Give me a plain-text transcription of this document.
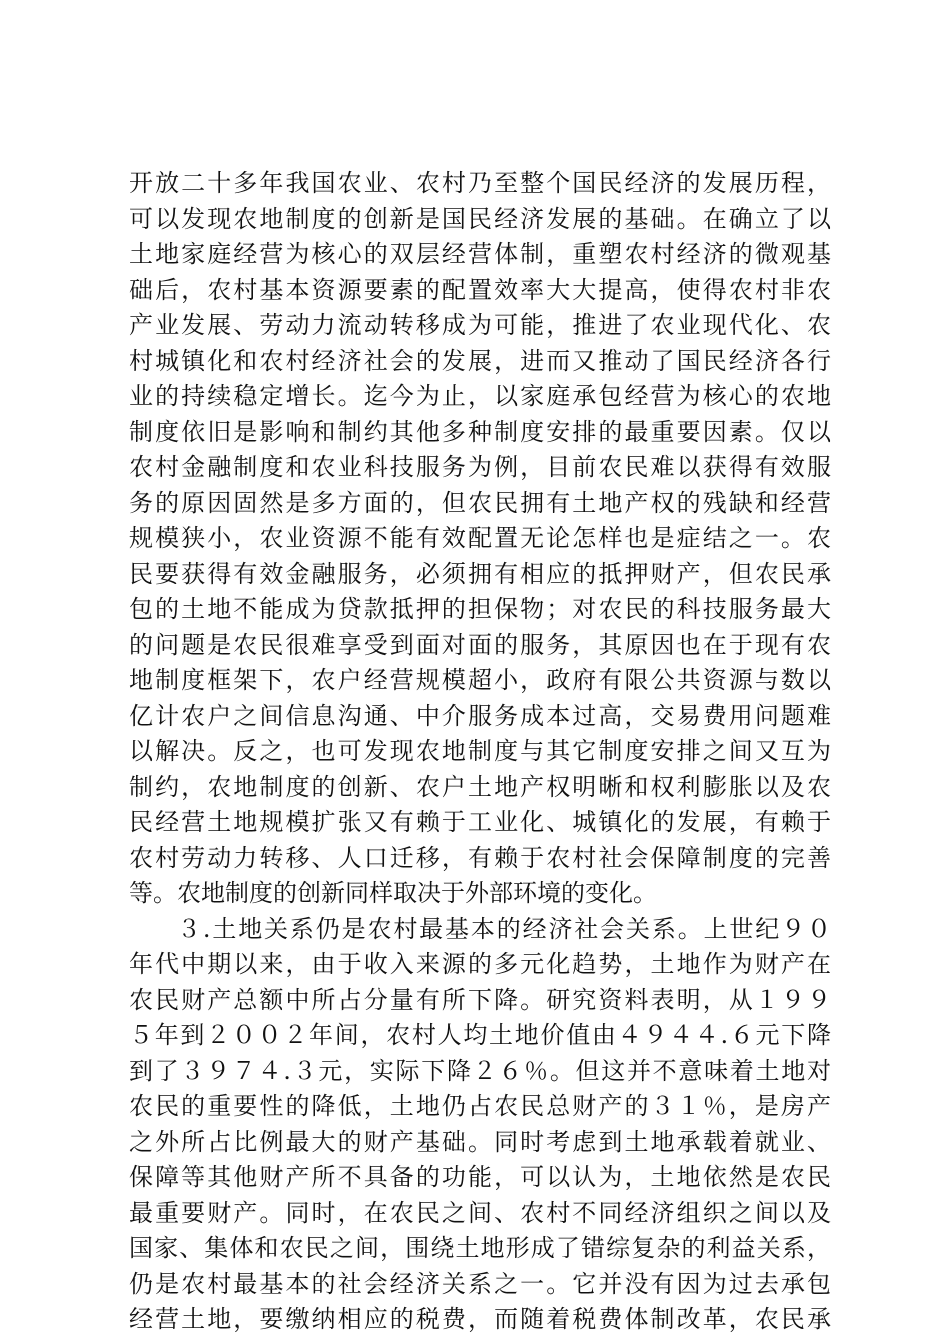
开放二十多年我国农业、农村乃至整个国民经济的发展历程，
可以发现农地制度的创新是国民经济发展的基础。在确立了以
土地家庭经营为核心的双层经营体制，重塑农村经济的微观基
础后，农村基本资源要素的配置效率大大提高，使得农村非农
产业发展、劳动力流动转移成为可能，推进了农业现代化、农
村城镇化和农村经济社会的发展，进而又推动了国民经济各行
业的持续稳定增长。迄今为止，以家庭承包经营为核心的农地
制度依旧是影响和制约其他多种制度安排的最重要因素。仅以
农村金融制度和农业科技服务为例，目前农民难以获得有效服
务的原因固然是多方面的，但农民拥有土地产权的残缺和经营
规模狭小，农业资源不能有效配置无论怎样也是症结之一。农
民要获得有效金融服务，必须拥有相应的抵押财产，但农民承
包的土地不能成为贷款抵押的担保物；对农民的科技服务最大
的问题是农民很难享受到面对面的服务，其原因也在于现有农
地制度框架下，农户经营规模超小，政府有限公共资源与数以
亿计农户之间信息沟通、中介服务成本过高，交易费用问题难
以解决。反之，也可发现农地制度与其它制度安排之间又互为
制约，农地制度的创新、农户土地产权明晰和权利膨胀以及农
民经营土地规模扩张又有赖于工业化、城镇化的发展，有赖于
农村劳动力转移、人口迁移，有赖于农村社会保障制度的完善
等。农地制度的创新同样取决于外部环境的变化。
３.土地关系仍是农村最基本的经济社会关系。上世纪９０
年代中期以来，由于收入来源的多元化趋势，土地作为财产在
农民财产总额中所占分量有所下降。研究资料表明，从１９９
５年到２００２年间，农村人均土地价值由４９４４.６元下降
到了３９７４.３元，实际下降２６％。但这并不意味着土地对
农民的重要性的降低，土地仍占农民总财产的３１％，是房产
之外所占比例最大的财产基础。同时考虑到土地承载着就业、
保障等其他财产所不具备的功能，可以认为，土地依然是农民
最重要财产。同时，在农民之间、农村不同经济组织之间以及
国家、集体和农民之间，围绕土地形成了错综复杂的利益关系，
仍是农村最基本的社会经济关系之一。它并没有因为过去承包
经营土地，要缴纳相应的税费，而随着税费体制改革，农民承
